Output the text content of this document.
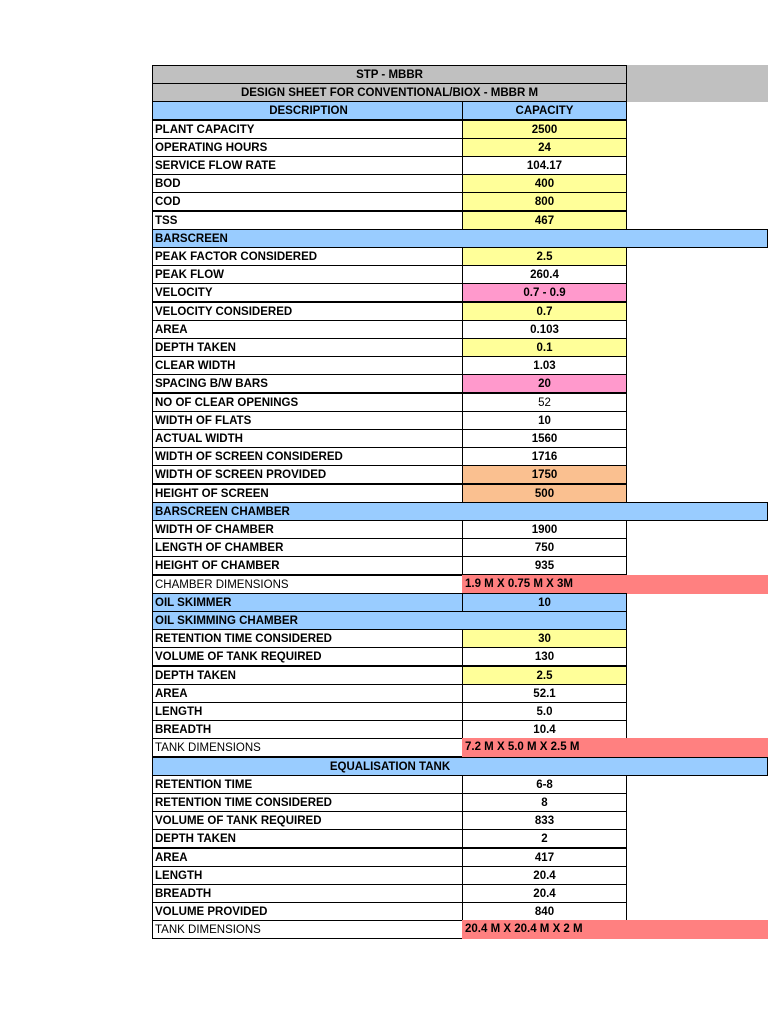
STP - MBBR
DESIGN SHEET FOR CONVENTIONAL/BIOX - MBBR M
DESCRIPTION	CAPACITY
PLANT CAPACITY	2500
OPERATING HOURS	24
SERVICE FLOW RATE	104.17
BOD	400
COD	800
TSS	467
BARSCREEN
PEAK FACTOR CONSIDERED	2.5
PEAK FLOW	260.4
VELOCITY	0.7 - 0.9
VELOCITY CONSIDERED	0.7
AREA	0.103
DEPTH TAKEN	0.1
CLEAR WIDTH	1.03
SPACING B/W BARS	20
NO OF CLEAR OPENINGS	52
WIDTH OF FLATS	10
ACTUAL WIDTH	1560
WIDTH OF SCREEN CONSIDERED	1716
WIDTH OF SCREEN PROVIDED	1750
HEIGHT OF SCREEN	500
BARSCREEN CHAMBER
WIDTH OF CHAMBER	1900
LENGTH OF CHAMBER	750
HEIGHT OF CHAMBER	935
CHAMBER DIMENSIONS	1.9 M X 0.75 M X 3M
OIL SKIMMER	10
OIL SKIMMING CHAMBER
RETENTION TIME CONSIDERED	30
VOLUME OF TANK REQUIRED	130
DEPTH TAKEN	2.5
AREA	52.1
LENGTH	5.0
BREADTH	10.4
TANK DIMENSIONS	7.2 M X 5.0 M X 2.5 M
EQUALISATION TANK
RETENTION TIME	6-8
RETENTION TIME CONSIDERED	8
VOLUME OF TANK REQUIRED	833
DEPTH TAKEN	2
AREA	417
LENGTH	20.4
BREADTH	20.4
VOLUME PROVIDED	840
TANK DIMENSIONS	20.4 M X 20.4 M X 2 M
